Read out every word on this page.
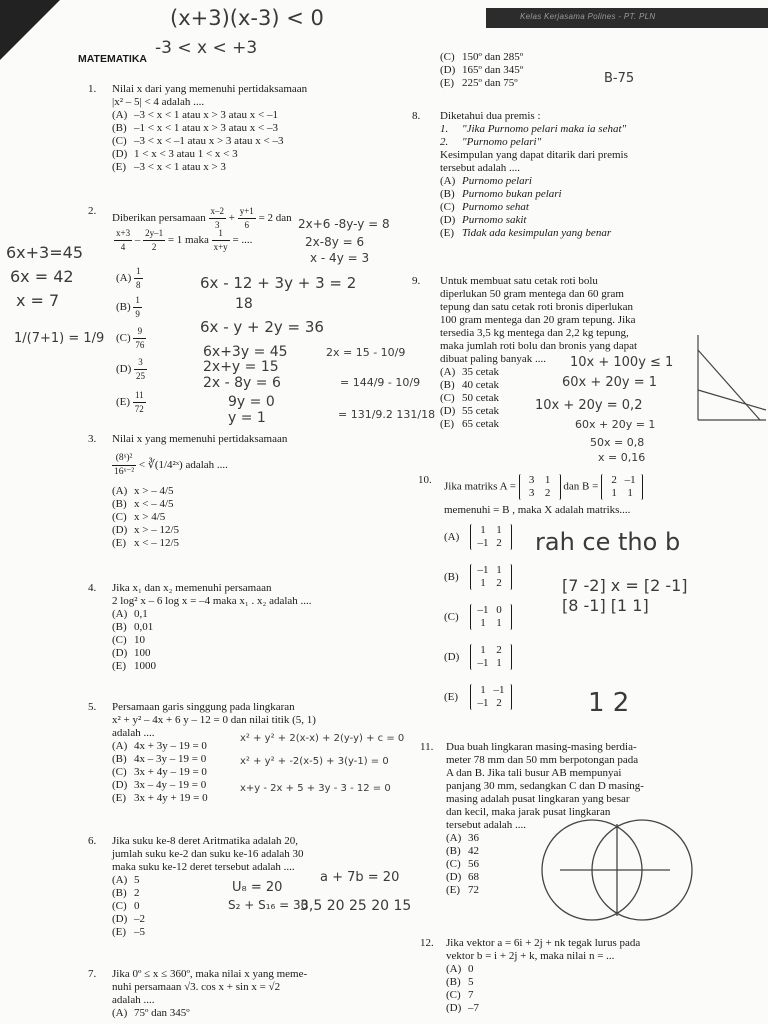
Kelas Kerjasama Polines - PT. PLN
MATEMATIKA
1. Nilai x dari yang memenuhi pertidaksamaan
|x² – 5| < 4 adalah ....
(A) –3 < x < 1 atau x > 3 atau x < –1
(B) –1 < x < 1 atau x > 3 atau x < –3
(C) –3 < x < –1 atau x > 3 atau x < –3
(D) 1 < x < 3 atau 1 < x < 3
(E) –3 < x < 1 atau x > 3
2.
Diberikan persamaan $\frac{x-2}{3} + \frac{y+1}{6} = 2$ dan
$\frac{x+3}{4} - \frac{2y-1}{2} = 1$ maka $\frac{1}{x+y}$ = ....
$(A) \frac{1}{8}$
$(B) \frac{1}{9}$
$(C) \frac{9}{76}$
$(D) \frac{3}{25}$
$(E) \frac{11}{72}$
3. Nilai x yang memenuhi pertidaksamaan
$\frac{\text{(8ˣ)²}}{\text{16ˣ⁻²}}$ < ∛(1/4²ˣ) adalah ....
(A) x > – 4/5
(B) x < – 4/5
(C) x > 4/5
(D) x > – 12/5
(E) x < – 12/5
4. Jika x₁ dan x₂ memenuhi persamaan
2 log² x – 6 log x = –4 maka x₁ . x₂ adalah ....
(A) 0,1
(B) 0,01
(C) 10
(D) 100
(E) 1000
5. Persamaan garis singgung pada lingkaran
x² + y² – 4x + 6 y – 12 = 0 dan nilai titik (5, 1)
adalah ....
(A) 4x + 3y – 19 = 0
(B) 4x – 3y – 19 = 0
(C) 3x + 4y – 19 = 0
(D) 3x – 4y – 19 = 0
(E) 3x + 4y + 19 = 0
6. Jika suku ke-8 deret Aritmatika adalah 20,
jumlah suku ke-2 dan suku ke-16 adalah 30
maka suku ke-12 deret tersebut adalah ....
(A) 5
(B) 2
(C) 0
(D) –2
(E) –5
7. Jika 0º ≤ x ≤ 360º, maka nilai x yang meme-
nuhi persamaan √3. cos x + sin x = √2
adalah ....
(A) 75º dan 345º
(C) 150º dan 285º
(D) 165º dan 345º
(E) 225º dan 75º
8. Diketahui dua premis :
1. "Jika Purnomo pelari maka ia sehat"
2. "Purnomo pelari"
Kesimpulan yang dapat ditarik dari premis
tersebut adalah ....
(A) Purnomo pelari
(B) Purnomo bukan pelari
(C) Purnomo sehat
(D) Purnomo sakit
(E) Tidak ada kesimpulan yang benar
9. Untuk membuat satu cetak roti bolu
diperlukan 50 gram mentega dan 60 gram
tepung dan satu cetak roti bronis diperlukan
100 gram mentega dan 20 gram tepung. Jika
tersedia 3,5 kg mentega dan 2,2 kg tepung,
maka jumlah roti bolu dan bronis yang dapat
dibuat paling banyak ....
(A) 35 cetak
(B) 40 cetak
(C) 50 cetak
(D) 55 cetak
(E) 65 cetak
10.
Jika matriks A =
3 1
3 2
dan B =
2 –1
1 1
memenuhi = B , maka X adalah matriks....
(A)
1 1
–1 2
(B)
–1 1
1 2
(C)
–1 0
1 1
(D)
1 2
–1 1
(E)
1 –1
–1 2
11. Dua buah lingkaran masing-masing berdia-
meter 78 mm dan 50 mm berpotongan pada
A dan B. Jika tali busur AB mempunyai
panjang 30 mm, sedangkan C dan D masing-
masing adalah pusat lingkaran yang besar
dan kecil, maka jarak pusat lingkaran
tersebut adalah ....
(A) 36
(B) 42
(C) 56
(D) 68
(E) 72
12. Jika vektor a = 6i + 2j + nk tegak lurus pada
vektor b = i + 2j + k, maka nilai n = ...
(A) 0
(B) 5
(C) 7
(D) –7
(x+3)(x-3) < 0
-3 < x < +3
B-75
6x+3=45
6x = 42
x = 7
1/(7+1) = 1/9
2x+6 -8y-y = 8
2x-8y = 6
x - 4y = 3
6x - 12 + 3y + 3 = 2
18
6x - y + 2y = 36
6x+3y = 45
2x+y = 15
2x - 8y = 6
9y = 0
y = 1
2x = 15 - 10/9
= 144/9 - 10/9
= 131/9.2 131/18
x² + y² + 2(x-x) + 2(y-y) + c = 0
x² + y² + -2(x-5) + 3(y-1) = 0
x+y - 2x + 5 + 3y - 3 - 12 = 0
U₈ = 20
a + 7b = 20
S₂ + S₁₆ = 30
3,5 20 25 20 15
10x + 100y ≤ 1
60x + 20y = 1
10x + 20y = 0,2
60x + 20y = 1
50x = 0,8
x = 0,16
rah ce tho b
[7 -2] x = [2 -1]
[8 -1] [1 1]
1 2
